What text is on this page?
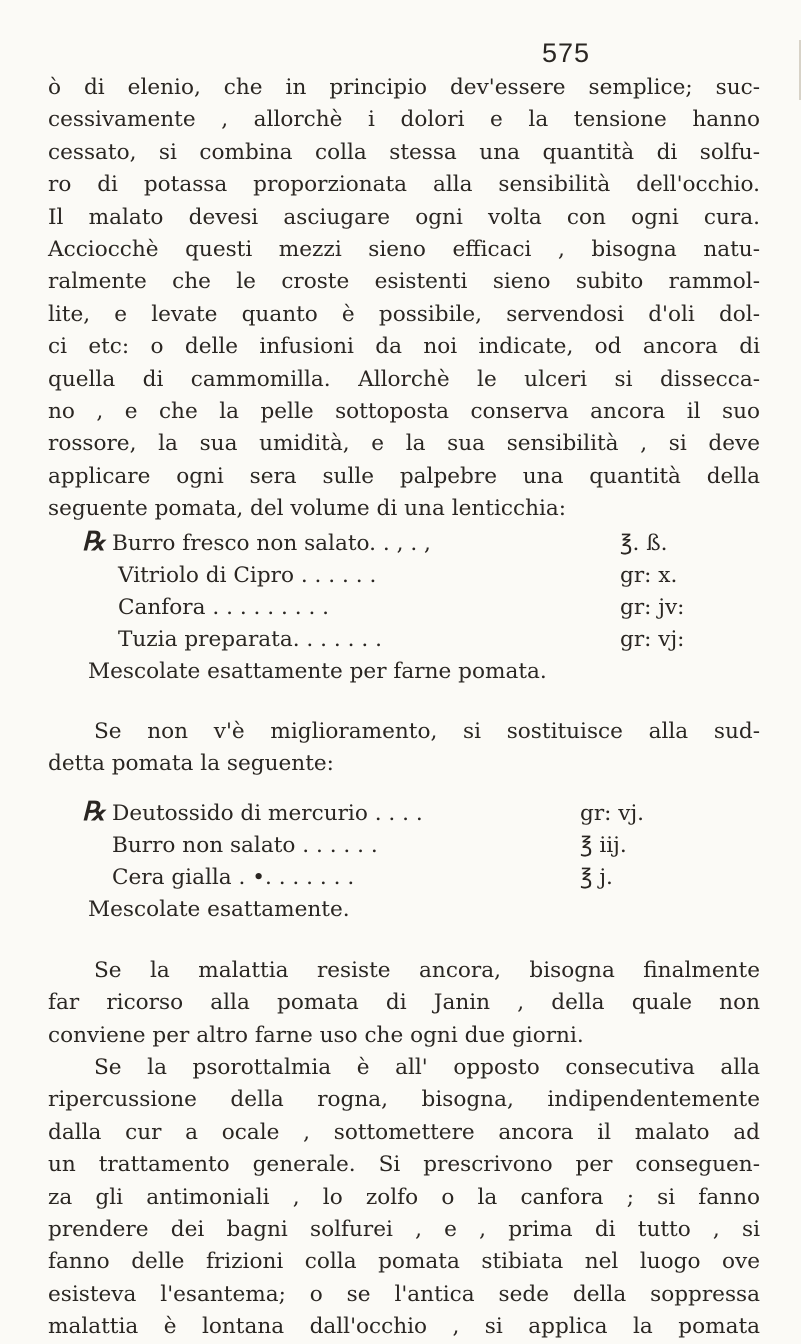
575
ò di elenio, che in principio dev'essere semplice; suc-
cessivamente , allorchè i dolori e la tensione hanno
cessato, si combina colla stessa una quantità di solfu-
ro di potassa proporzionata alla sensibilità dell'occhio.
Il malato devesi asciugare ogni volta con ogni cura.
Acciocchè questi mezzi sieno efficaci , bisogna natu-
ralmente che le croste esistenti sieno subito rammol-
lite, e levate quanto è possibile, servendosi d'oli dol-
ci etc: o delle infusioni da noi indicate, od ancora di
quella di cammomilla. Allorchè le ulceri si dissecca-
no , e che la pelle sottoposta conserva ancora il suo
rossore, la sua umidità, e la sua sensibilità , si deve
applicare ogni sera sulle palpebre una quantità della
seguente pomata, del volume di una lenticchia:
℞ Burro fresco non salato. . , . ,	℥. ß.
Vitriolo di Cipro . . . . . .	gr: x.
Canfora . . . . . . . . .	gr: jv:
Tuzia preparata. . . . . . .	gr: vj:
Mescolate esattamente per farne pomata.
Se non v'è miglioramento, si sostituisce alla sud-
detta pomata la seguente:
℞ Deutossido di mercurio . . . .	gr: vj.
Burro non salato . . . . . .	℥ iij.
Cera gialla . •. . . . . . .	℥ j.
Mescolate esattamente.
Se la malattia resiste ancora, bisogna finalmente
far ricorso alla pomata di Janin , della quale non
conviene per altro farne uso che ogni due giorni.
Se la psorottalmia è all' opposto consecutiva alla
ripercussione della rogna, bisogna, indipendentemente
dalla cur a ocale , sottomettere ancora il malato ad
un trattamento generale. Si prescrivono per conseguen-
za gli antimoniali , lo zolfo o la canfora ; si fanno
prendere dei bagni solfurei , e , prima di tutto , si
fanno delle frizioni colla pomata stibiata nel luogo ove
esisteva l'esantema; o se l'antica sede della soppressa
malattia è lontana dall'occhio , si applica la pomata
